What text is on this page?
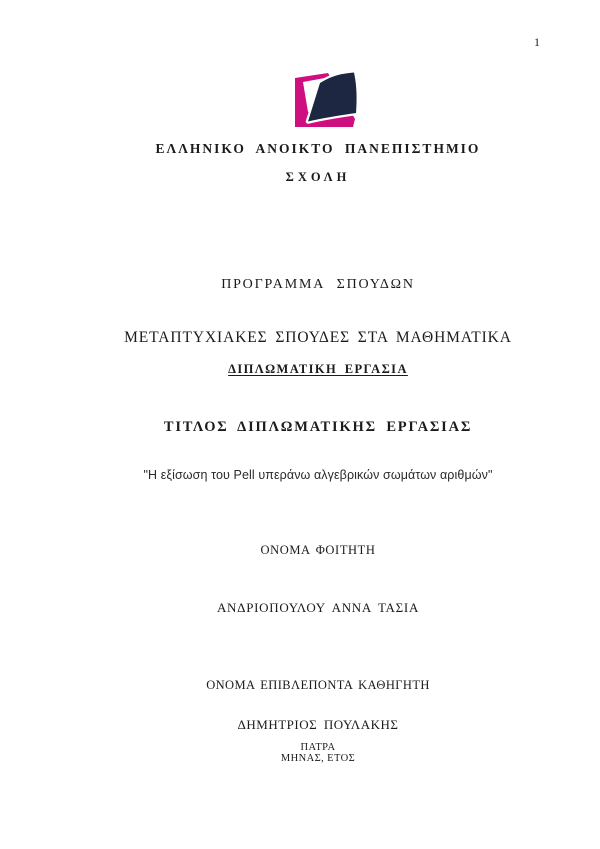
1
ΕΛΛΗΝΙΚΟ ΑΝΟΙΚΤΟ ΠΑΝΕΠΙΣΤΗΜΙΟ
ΣΧΟΛΗ
ΠΡΟΓΡΑΜΜΑ ΣΠΟΥΔΩΝ
ΜΕΤΑΠΤΥΧΙΑΚΕΣ ΣΠΟΥΔΕΣ ΣΤΑ ΜΑΘΗΜΑΤΙΚΑ
ΔΙΠΛΩΜΑΤΙΚΗ ΕΡΓΑΣΙΑ
ΤΙΤΛΟΣ ΔΙΠΛΩΜΑΤΙΚΗΣ ΕΡΓΑΣΙΑΣ
"Η εξίσωση του Pell υπεράνω αλγεβρικών σωμάτων αριθμών"
ΟΝΟΜΑ ΦΟΙΤΗΤΗ
ΑΝΔΡΙΟΠΟΥΛΟΥ ΑΝΝΑ ΤΑΣΙΑ
ΟΝΟΜΑ ΕΠΙΒΛΕΠΟΝΤΑ ΚΑΘΗΓΗΤΗ
ΔΗΜΗΤΡΙΟΣ ΠΟΥΛΑΚΗΣ
ΠΑΤΡΑ
ΜΗΝΑΣ, ΕΤΟΣ
